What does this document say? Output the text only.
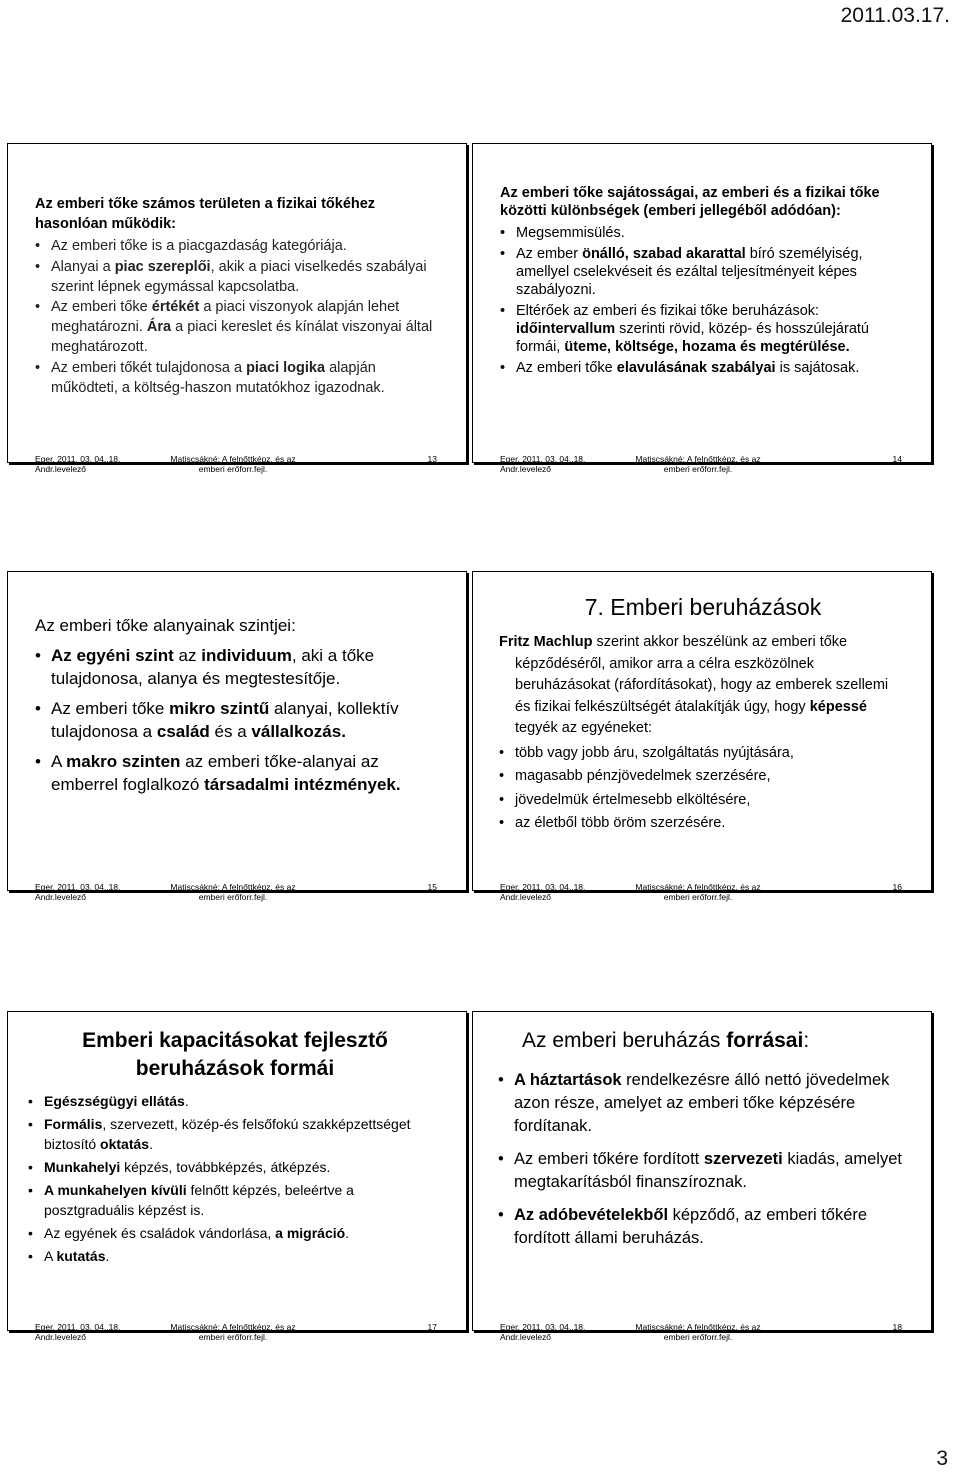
2011.03.17.
Az emberi tőke számos területen a fizikai tőkéhez hasonlóan működik:
• Az emberi tőke is a piacgazdaság kategóriája.
• Alanyai a piac szereplői, akik a piaci viselkedés szabályai szerint lépnek egymással kapcsolatba.
• Az emberi tőke értékét a piaci viszonyok alapján lehet meghatározni. Ára a piaci kereslet és kínálat viszonyai által meghatározott.
• Az emberi tőkét tulajdonosa a piaci logika alapján működteti, a költség-haszon mutatókhoz igazodnak.
Eger, 2011. 03. 04.,18.
Andr.levelező
Matiscsákné: A felnőttképz. és az
emberi erőforr.fejl.
13
Az emberi tőke sajátosságai, az emberi és a fizikai tőke közötti különbségek (emberi jellegéből adódóan):
• Megsemmisülés.
• Az ember önálló, szabad akarattal bíró személyiség, amellyel cselekvéseit és ezáltal teljesítményeit képes szabályozni.
• Eltérőek az emberi és fizikai tőke beruházások: időintervallum szerinti rövid, közép- és hosszúlejáratú formái, üteme, költsége, hozama és megtérülése.
• Az emberi tőke elavulásának szabályai is sajátosak.
Eger, 2011. 03. 04.,18.
Andr.levelező
Matiscsákné: A felnőttképz. és az
emberi erőforr.fejl.
14
Az emberi tőke alanyainak szintjei:
• Az egyéni szint az individuum, aki a tőke tulajdonosa, alanya és megtestesítője.
• Az emberi tőke mikro szintű alanyai, kollektív tulajdonosa a család és a vállalkozás.
• A makro szinten az emberi tőke-alanyai az emberrel foglalkozó társadalmi intézmények.
Eger, 2011. 03. 04.,18.
Andr.levelező
Matiscsákné: A felnőttképz. és az
emberi erőforr.fejl.
15
7. Emberi beruházások
Fritz Machlup szerint akkor beszélünk az emberi tőke képződéséről, amikor arra a célra eszközölnek beruházásokat (ráfordításokat), hogy az emberek szellemi és fizikai felkészültségét átalakítják úgy, hogy képessé tegyék az egyéneket:
• több vagy jobb áru, szolgáltatás nyújtására,
• magasabb pénzjövedelmek szerzésére,
• jövedelmük értelmesebb elköltésére,
• az életből több öröm szerzésére.
Eger, 2011. 03. 04.,18.
Andr.levelező
Matiscsákné: A felnőttképz. és az
emberi erőforr.fejl.
16
Emberi kapacitásokat fejlesztő beruházások formái
• Egészségügyi ellátás.
• Formális, szervezett, közép-és felsőfokú szakképzettséget biztosító oktatás.
• Munkahelyi képzés, továbbképzés, átképzés.
• A munkahelyen kívüli felnőtt képzés, beleértve a posztgraduális képzést is.
• Az egyének és családok vándorlása, a migráció.
• A kutatás.
Eger, 2011. 03. 04.,18.
Andr.levelező
Matiscsákné: A felnőttképz. és az
emberi erőforr.fejl.
17
Az emberi beruházás forrásai:
• A háztartások rendelkezésre álló nettó jövedelmek azon része, amelyet az emberi tőke képzésére fordítanak.
• Az emberi tőkére fordított szervezeti kiadás, amelyet megtakarításból finanszíroznak.
• Az adóbevételekből képződő, az emberi tőkére fordított állami beruházás.
Eger, 2011. 03. 04.,18.
Andr.levelező
Matiscsákné: A felnőttképz. és az
emberi erőforr.fejl.
18
3
